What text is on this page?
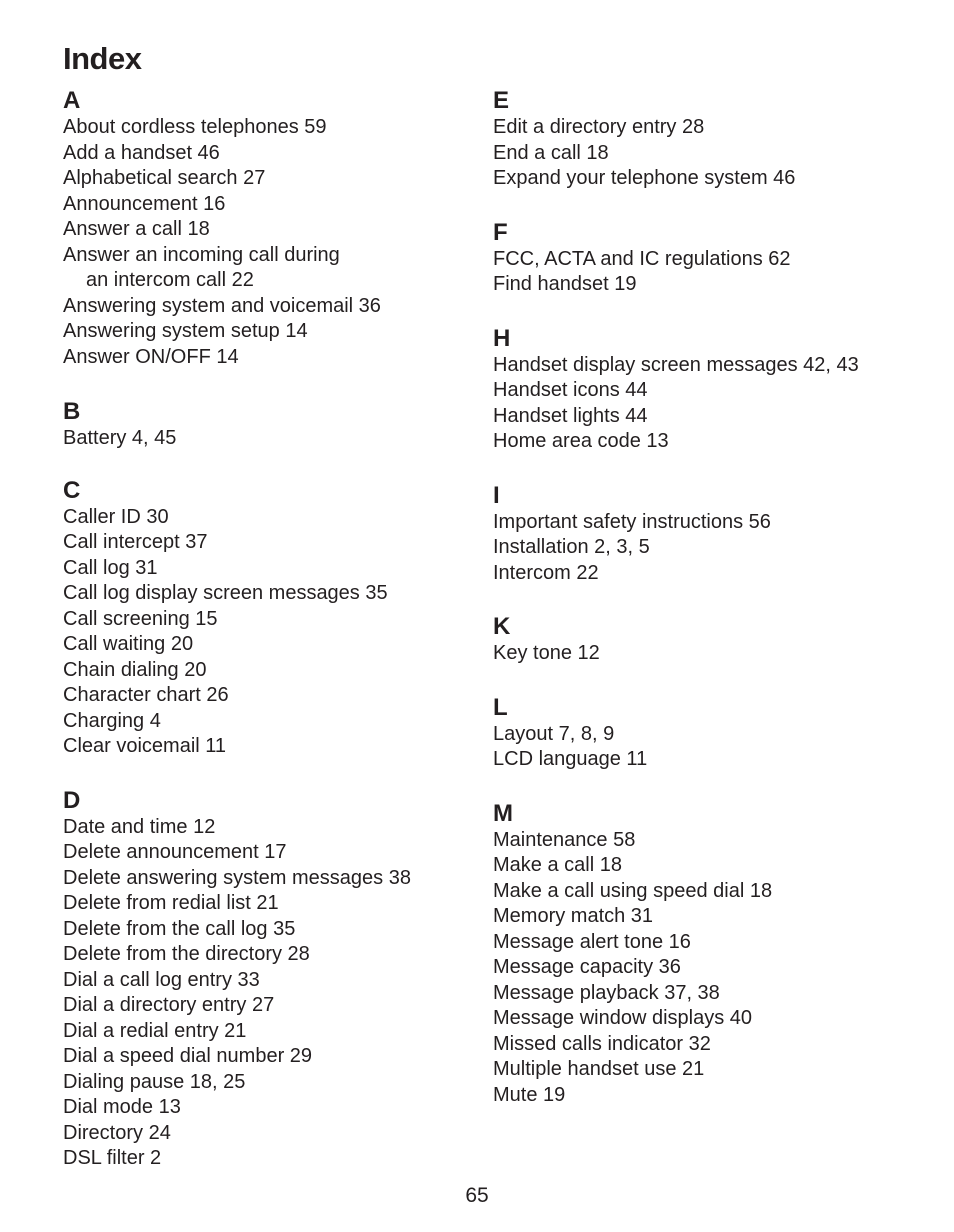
Index
A
About cordless telephones 59
Add a handset 46
Alphabetical search 27
Announcement 16
Answer a call 18
Answer an incoming call during
an intercom call 22
Answering system and voicemail 36
Answering system setup 14
Answer ON/OFF 14
B
Battery 4, 45
C
Caller ID 30
Call intercept 37
Call log 31
Call log display screen messages 35
Call screening 15
Call waiting 20
Chain dialing 20
Character chart 26
Charging 4
Clear voicemail 11
D
Date and time 12
Delete announcement 17
Delete answering system messages 38
Delete from redial list 21
Delete from the call log 35
Delete from the directory 28
Dial a call log entry 33
Dial a directory entry 27
Dial a redial entry 21
Dial a speed dial number 29
Dialing pause 18, 25
Dial mode 13
Directory 24
DSL filter 2
E
Edit a directory entry 28
End a call 18
Expand your telephone system 46
F
FCC, ACTA and IC regulations 62
Find handset 19
H
Handset display screen messages 42, 43
Handset icons 44
Handset lights 44
Home area code 13
I
Important safety instructions 56
Installation 2, 3, 5
Intercom 22
K
Key tone 12
L
Layout 7, 8, 9
LCD language 11
M
Maintenance 58
Make a call 18
Make a call using speed dial 18
Memory match 31
Message alert tone 16
Message capacity 36
Message playback 37, 38
Message window displays 40
Missed calls indicator 32
Multiple handset use 21
Mute 19
65
